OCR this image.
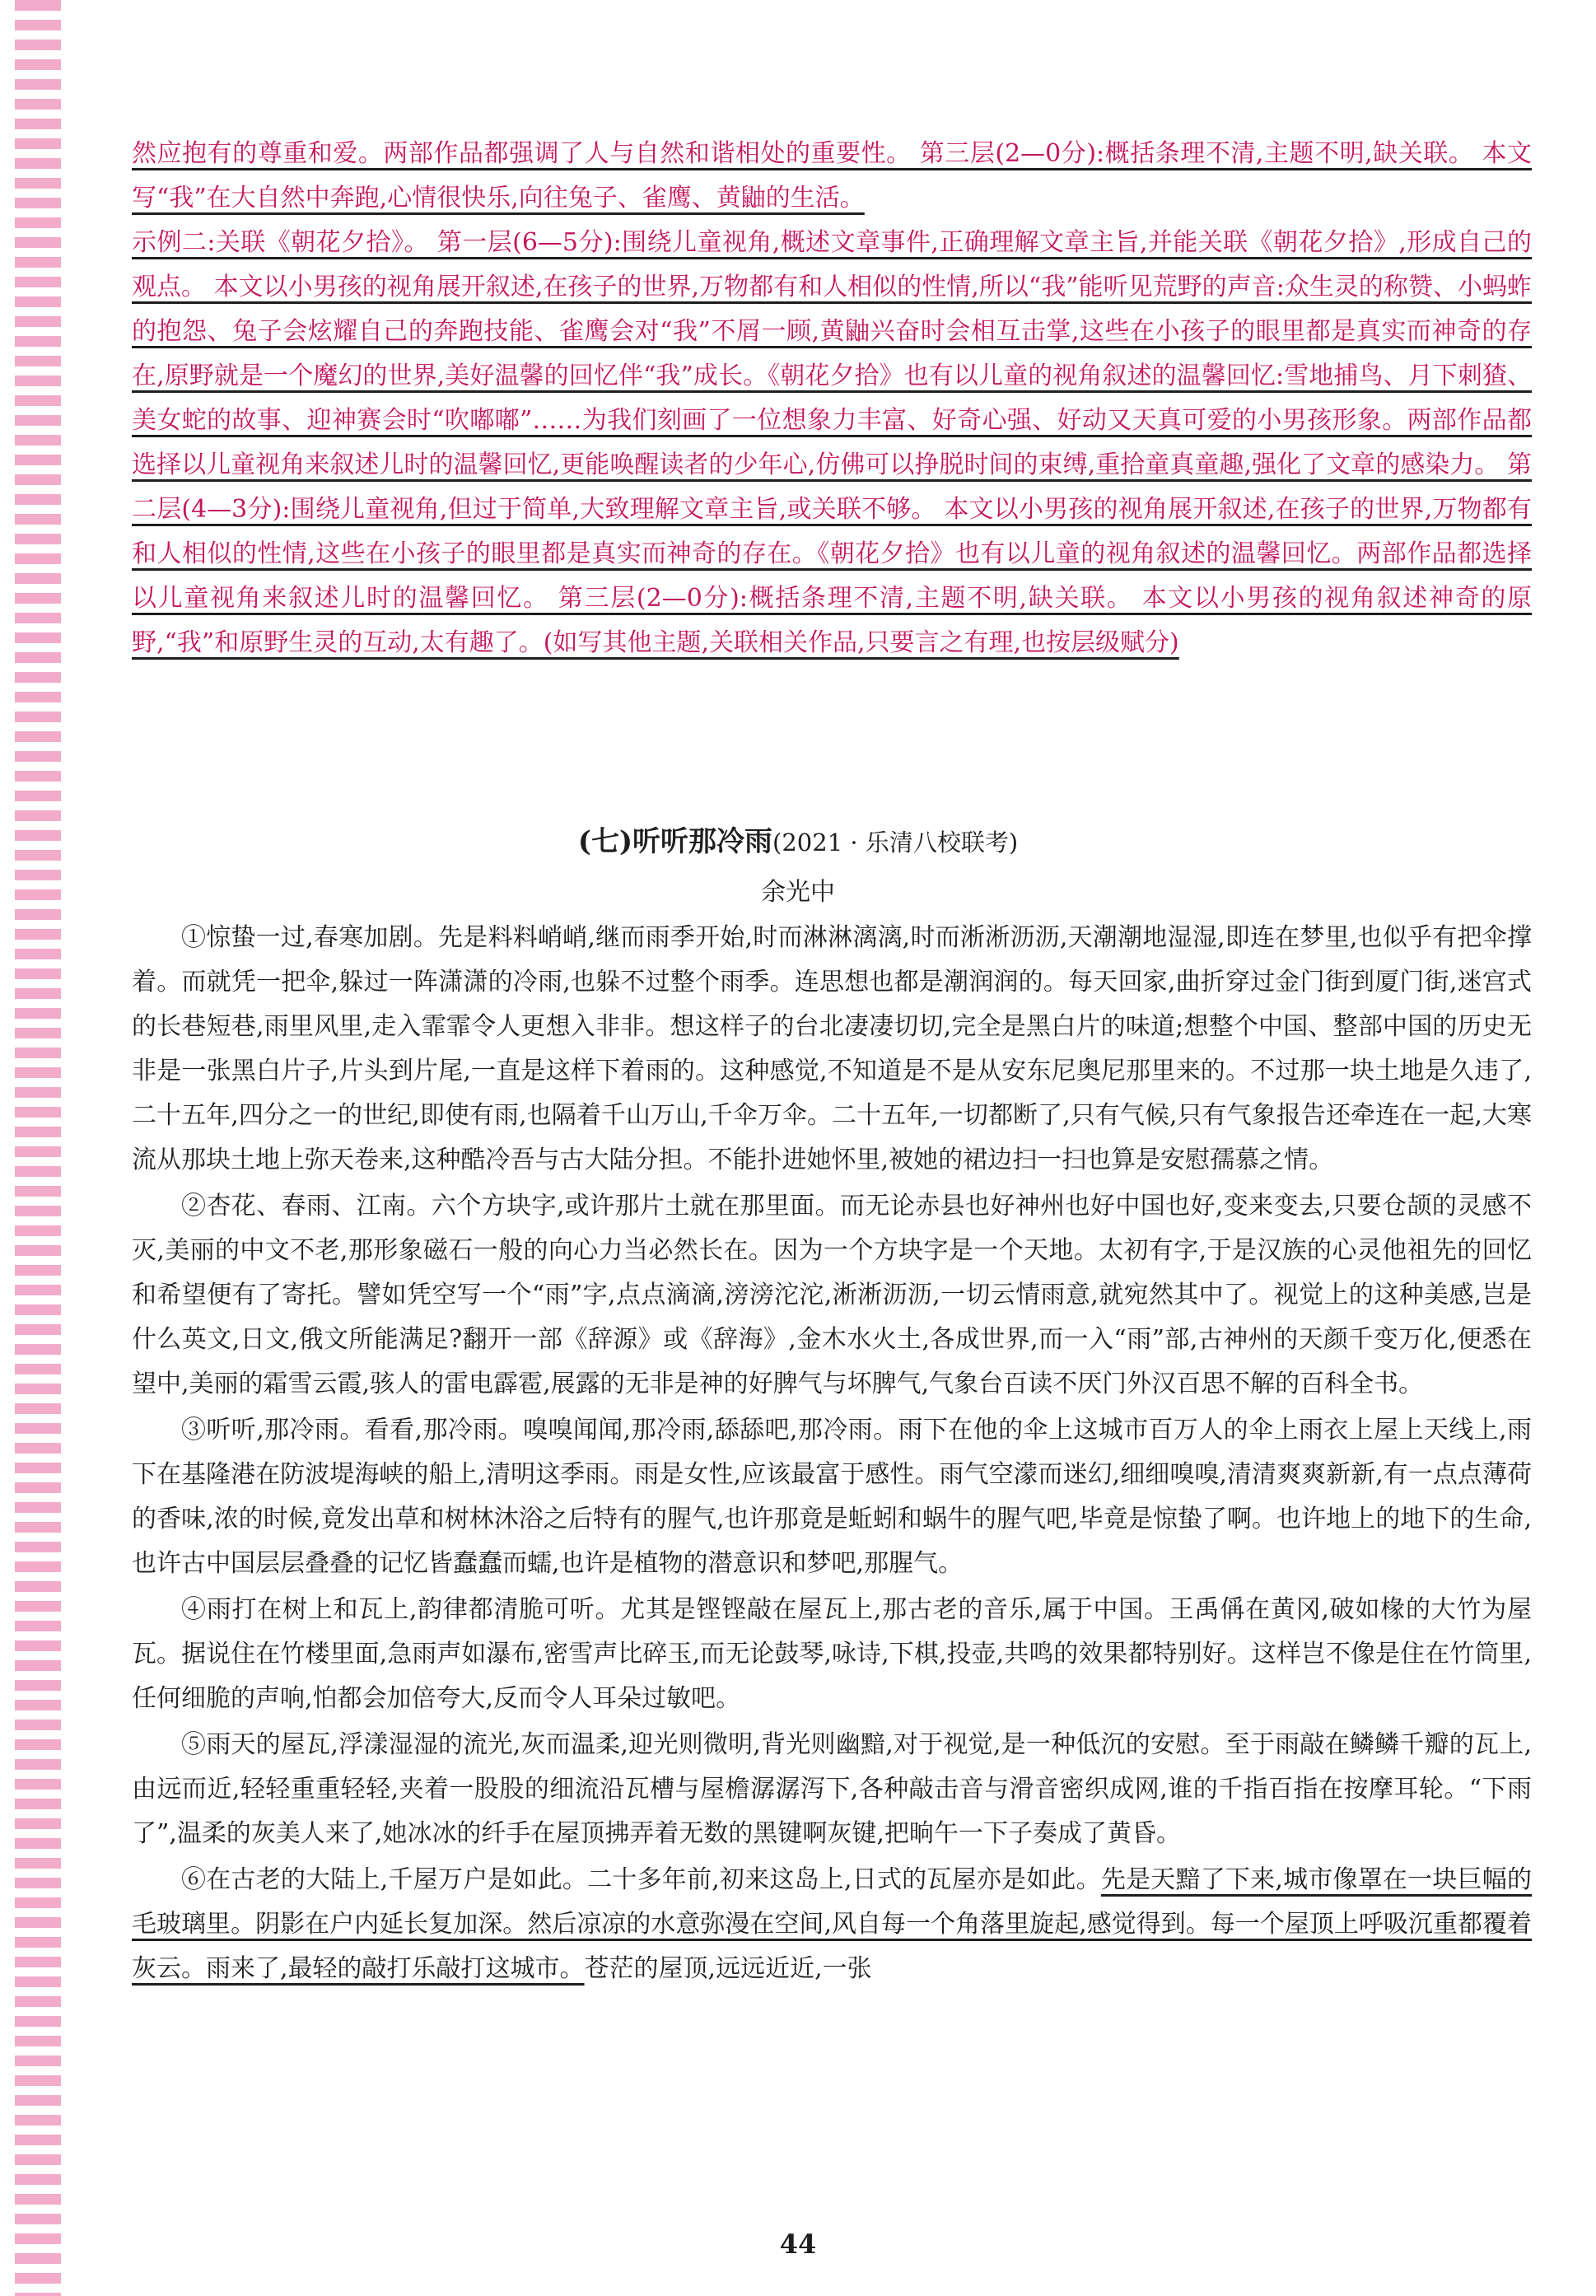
然应抱有的尊重和爱。两部作品都强调了人与自然和谐相处的重要性。 第三层(2—0分):概括条理不清,主题不明,缺关联。 本文写“我”在大自然中奔跑,心情很快乐,向往兔子、雀鹰、黄鼬的生活。

示例二:关联《朝花夕拾》。 第一层(6—5分):围绕儿童视角,概述文章事件,正确理解文章主旨,并能关联《朝花夕拾》,形成自己的观点。 本文以小男孩的视角展开叙述,在孩子的世界,万物都有和人相似的性情,所以“我”能听见荒野的声音:众生灵的称赞、小蚂蚱的抱怨、兔子会炫耀自己的奔跑技能、雀鹰会对“我”不屑一顾,黄鼬兴奋时会相互击掌,这些在小孩子的眼里都是真实而神奇的存在,原野就是一个魔幻的世界,美好温馨的回忆伴“我”成长。《朝花夕拾》也有以儿童的视角叙述的温馨回忆:雪地捕鸟、月下刺猹、美女蛇的故事、迎神赛会时“吹嘟嘟”……为我们刻画了一位想象力丰富、好奇心强、好动又天真可爱的小男孩形象。两部作品都选择以儿童视角来叙述儿时的温馨回忆,更能唤醒读者的少年心,仿佛可以挣脱时间的束缚,重拾童真童趣,强化了文章的感染力。 第二层(4—3分):围绕儿童视角,但过于简单,大致理解文章主旨,或关联不够。 本文以小男孩的视角展开叙述,在孩子的世界,万物都有和人相似的性情,这些在小孩子的眼里都是真实而神奇的存在。《朝花夕拾》也有以儿童的视角叙述的温馨回忆。两部作品都选择以儿童视角来叙述儿时的温馨回忆。 第三层(2—0分):概括条理不清,主题不明,缺关联。 本文以小男孩的视角叙述神奇的原野,“我”和原野生灵的互动,太有趣了。(如写其他主题,关联相关作品,只要言之有理,也按层级赋分)

(七)听听那冷雨(2021 · 乐清八校联考)
余光中

①惊蛰一过,春寒加剧。先是料料峭峭,继而雨季开始,时而淋淋漓漓,时而淅淅沥沥,天潮潮地湿湿,即连在梦里,也似乎有把伞撑着。而就凭一把伞,躲过一阵潇潇的冷雨,也躲不过整个雨季。连思想也都是潮润润的。每天回家,曲折穿过金门街到厦门街,迷宫式的长巷短巷,雨里风里,走入霏霏令人更想入非非。想这样子的台北凄凄切切,完全是黑白片的味道;想整个中国、整部中国的历史无非是一张黑白片子,片头到片尾,一直是这样下着雨的。这种感觉,不知道是不是从安东尼奥尼那里来的。不过那一块土地是久违了,二十五年,四分之一的世纪,即使有雨,也隔着千山万山,千伞万伞。二十五年,一切都断了,只有气候,只有气象报告还牵连在一起,大寒流从那块土地上弥天卷来,这种酷冷吾与古大陆分担。不能扑进她怀里,被她的裙边扫一扫也算是安慰孺慕之情。

②杏花、春雨、江南。六个方块字,或许那片土就在那里面。而无论赤县也好神州也好中国也好,变来变去,只要仓颉的灵感不灭,美丽的中文不老,那形象磁石一般的向心力当必然长在。因为一个方块字是一个天地。太初有字,于是汉族的心灵他祖先的回忆和希望便有了寄托。譬如凭空写一个“雨”字,点点滴滴,滂滂沱沱,淅淅沥沥,一切云情雨意,就宛然其中了。视觉上的这种美感,岂是什么英文,日文,俄文所能满足?翻开一部《辞源》或《辞海》,金木水火土,各成世界,而一入“雨”部,古神州的天颜千变万化,便悉在望中,美丽的霜雪云霞,骇人的雷电霹雹,展露的无非是神的好脾气与坏脾气,气象台百读不厌门外汉百思不解的百科全书。

③听听,那冷雨。看看,那冷雨。嗅嗅闻闻,那冷雨,舔舔吧,那冷雨。雨下在他的伞上这城市百万人的伞上雨衣上屋上天线上,雨下在基隆港在防波堤海峡的船上,清明这季雨。雨是女性,应该最富于感性。雨气空濛而迷幻,细细嗅嗅,清清爽爽新新,有一点点薄荷的香味,浓的时候,竟发出草和树林沐浴之后特有的腥气,也许那竟是蚯蚓和蜗牛的腥气吧,毕竟是惊蛰了啊。也许地上的地下的生命,也许古中国层层叠叠的记忆皆蠢蠢而蠕,也许是植物的潜意识和梦吧,那腥气。

④雨打在树上和瓦上,韵律都清脆可听。尤其是铿铿敲在屋瓦上,那古老的音乐,属于中国。王禹偁在黄冈,破如椽的大竹为屋瓦。据说住在竹楼里面,急雨声如瀑布,密雪声比碎玉,而无论鼓琴,咏诗,下棋,投壶,共鸣的效果都特别好。这样岂不像是住在竹筒里,任何细脆的声响,怕都会加倍夸大,反而令人耳朵过敏吧。

⑤雨天的屋瓦,浮漾湿湿的流光,灰而温柔,迎光则微明,背光则幽黯,对于视觉,是一种低沉的安慰。至于雨敲在鳞鳞千瓣的瓦上,由远而近,轻轻重重轻轻,夹着一股股的细流沿瓦槽与屋檐潺潺泻下,各种敲击音与滑音密织成网,谁的千指百指在按摩耳轮。“下雨了”,温柔的灰美人来了,她冰冰的纤手在屋顶拂弄着无数的黑键啊灰键,把晌午一下子奏成了黄昏。

⑥在古老的大陆上,千屋万户是如此。二十多年前,初来这岛上,日式的瓦屋亦是如此。先是天黯了下来,城市像罩在一块巨幅的毛玻璃里。阴影在户内延长复加深。然后凉凉的水意弥漫在空间,风自每一个角落里旋起,感觉得到。每一个屋顶上呼吸沉重都覆着灰云。雨来了,最轻的敲打乐敲打这城市。苍茫的屋顶,远远近近,一张

44
